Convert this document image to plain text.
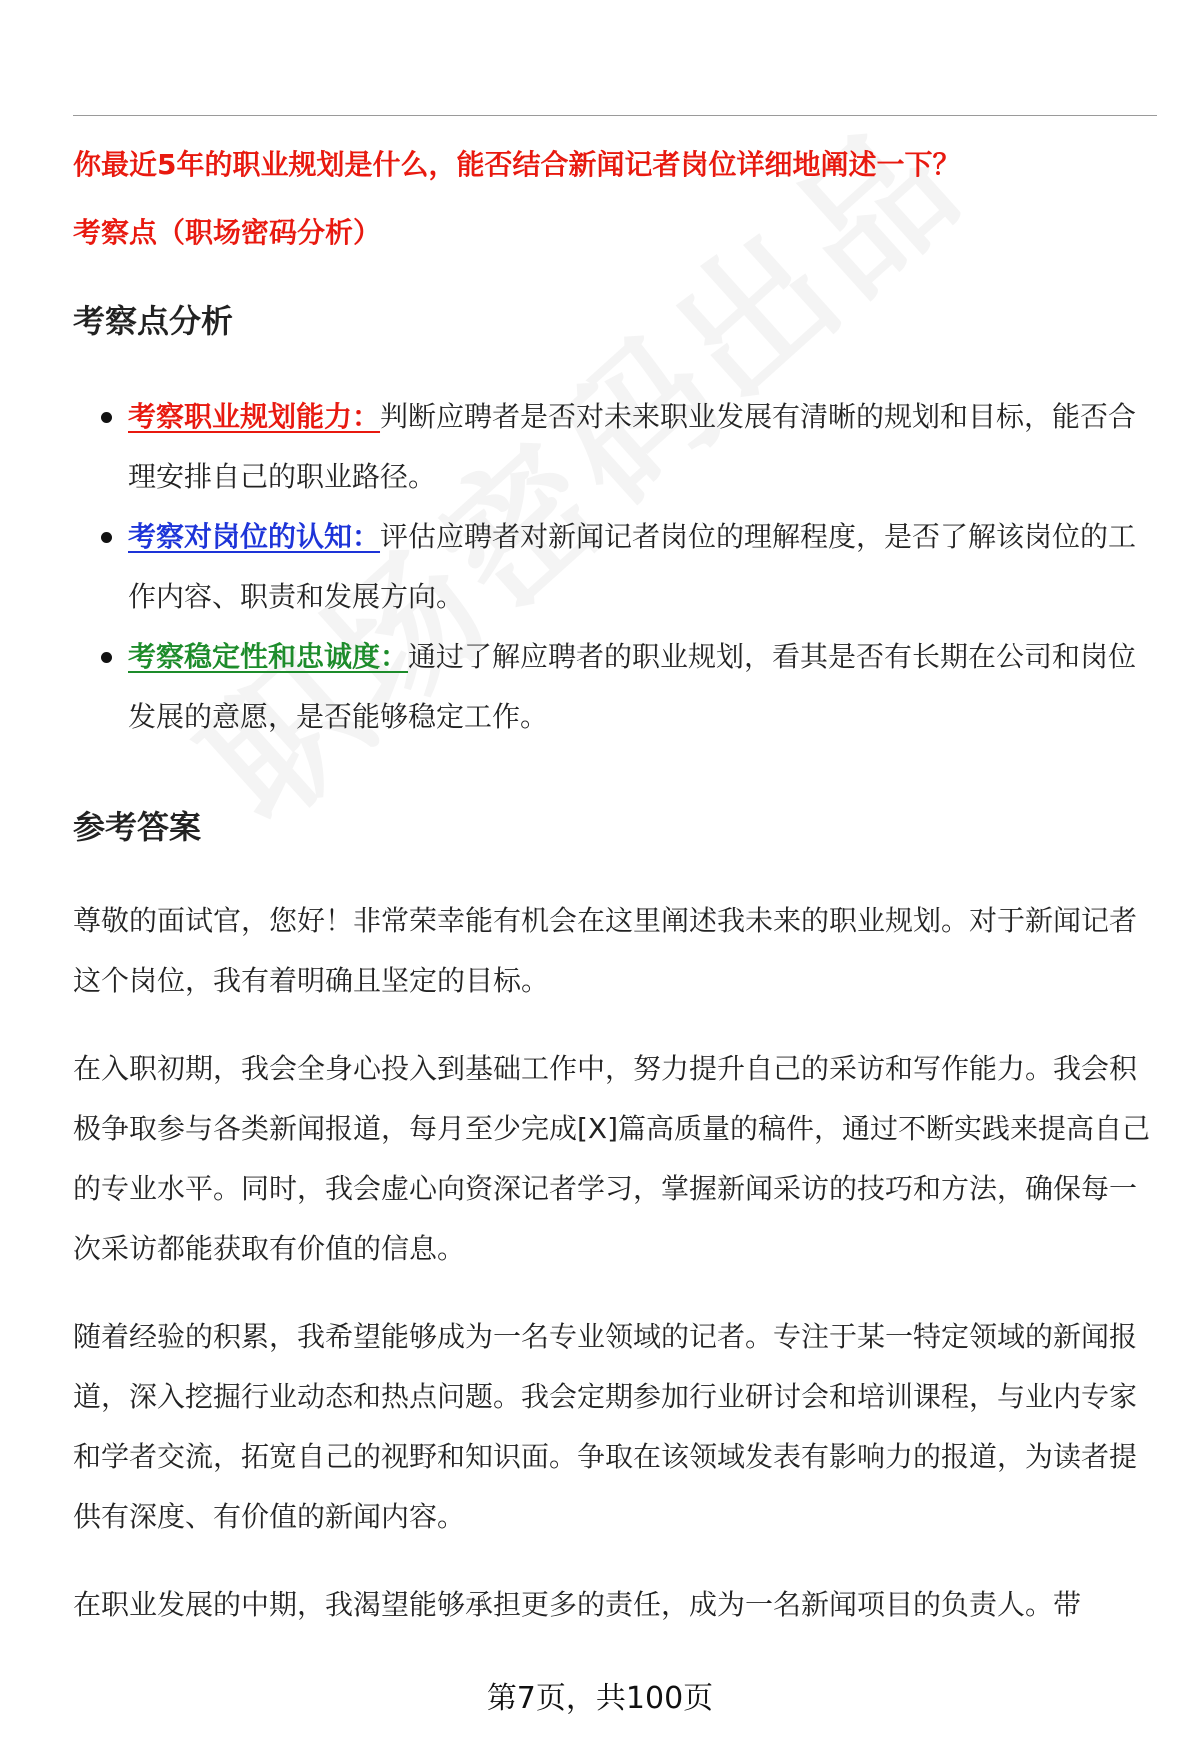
你最近5年的职业规划是什么，能否结合新闻记者岗位详细地阐述一下？

考察点（职场密码分析）

考察点分析
考察职业规划能力：判断应聘者是否对未来职业发展有清晰的规划和目标，能否合理安排自己的职业路径。
考察对岗位的认知：评估应聘者对新闻记者岗位的理解程度，是否了解该岗位的工作内容、职责和发展方向。
考察稳定性和忠诚度：通过了解应聘者的职业规划，看其是否有长期在公司和岗位发展的意愿，是否能够稳定工作。
参考答案

尊敬的面试官，您好！非常荣幸能有机会在这里阐述我未来的职业规划。对于新闻记者这个岗位，我有着明确且坚定的目标。

在入职初期，我会全身心投入到基础工作中，努力提升自己的采访和写作能力。我会积极争取参与各类新闻报道，每月至少完成[X]篇高质量的稿件，通过不断实践来提高自己的专业水平。同时，我会虚心向资深记者学习，掌握新闻采访的技巧和方法，确保每一次采访都能获取有价值的信息。

随着经验的积累，我希望能够成为一名专业领域的记者。专注于某一特定领域的新闻报道，深入挖掘行业动态和热点问题。我会定期参加行业研讨会和培训课程，与业内专家和学者交流，拓宽自己的视野和知识面。争取在该领域发表有影响力的报道，为读者提供有深度、有价值的新闻内容。

在职业发展的中期，我渴望能够承担更多的责任，成为一名新闻项目的负责人。带

第7页，共100页
